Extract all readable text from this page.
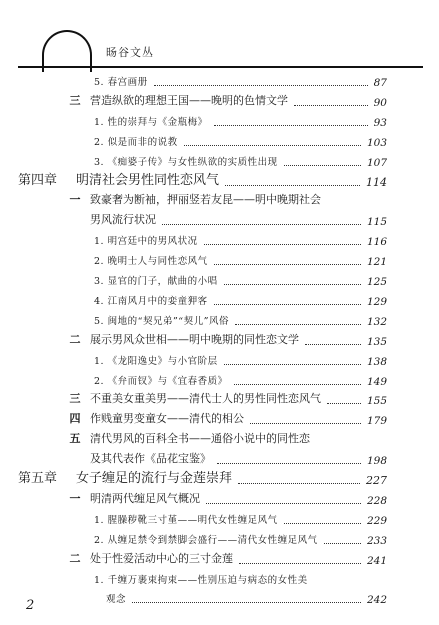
旸谷文丛
5. 春宫画册	87
三 营造纵欲的理想王国——晚明的色情文学	90
1. 性的崇拜与《金瓶梅》	93
2. 似是而非的说教	103
3. 《痴婆子传》与女性纵欲的实质性出现	107
第四章 明清社会男性同性恋风气	114
一 致豪奢为断袖，押丽竖若友昆——明中晚期社会
男风流行状况	115
1. 明宫廷中的男风状况	116
2. 晚明士人与同性恋风气	121
3. 显官的门子，献曲的小唱	125
4. 江南风月中的娈童狎客	129
5. 闽地的“契兄弟”“契儿”风俗	132
二 展示男风众世相——明中晚期的同性恋文学	135
1. 《龙阳逸史》与小官阶层	138
2. 《弁而钗》与《宜春香质》	149
三 不重美女重美男——清代士人的男性同性恋风气	155
四 作贱童男变童女——清代的相公	179
五 清代男风的百科全书——通俗小说中的同性恋
及其代表作《品花宝鉴》	198
第五章 女子缠足的流行与金莲崇拜	227
一 明清两代缠足风气概况	228
1. 腥臊秽靴三寸堇——明代女性缠足风气	229
2. 从缠足禁令到禁脚会盛行——清代女性缠足风气	233
二 处于性爱活动中心的三寸金莲	241
1. 千缠万裹束拘束——性别压迫与病态的女性美
观念	242
2
